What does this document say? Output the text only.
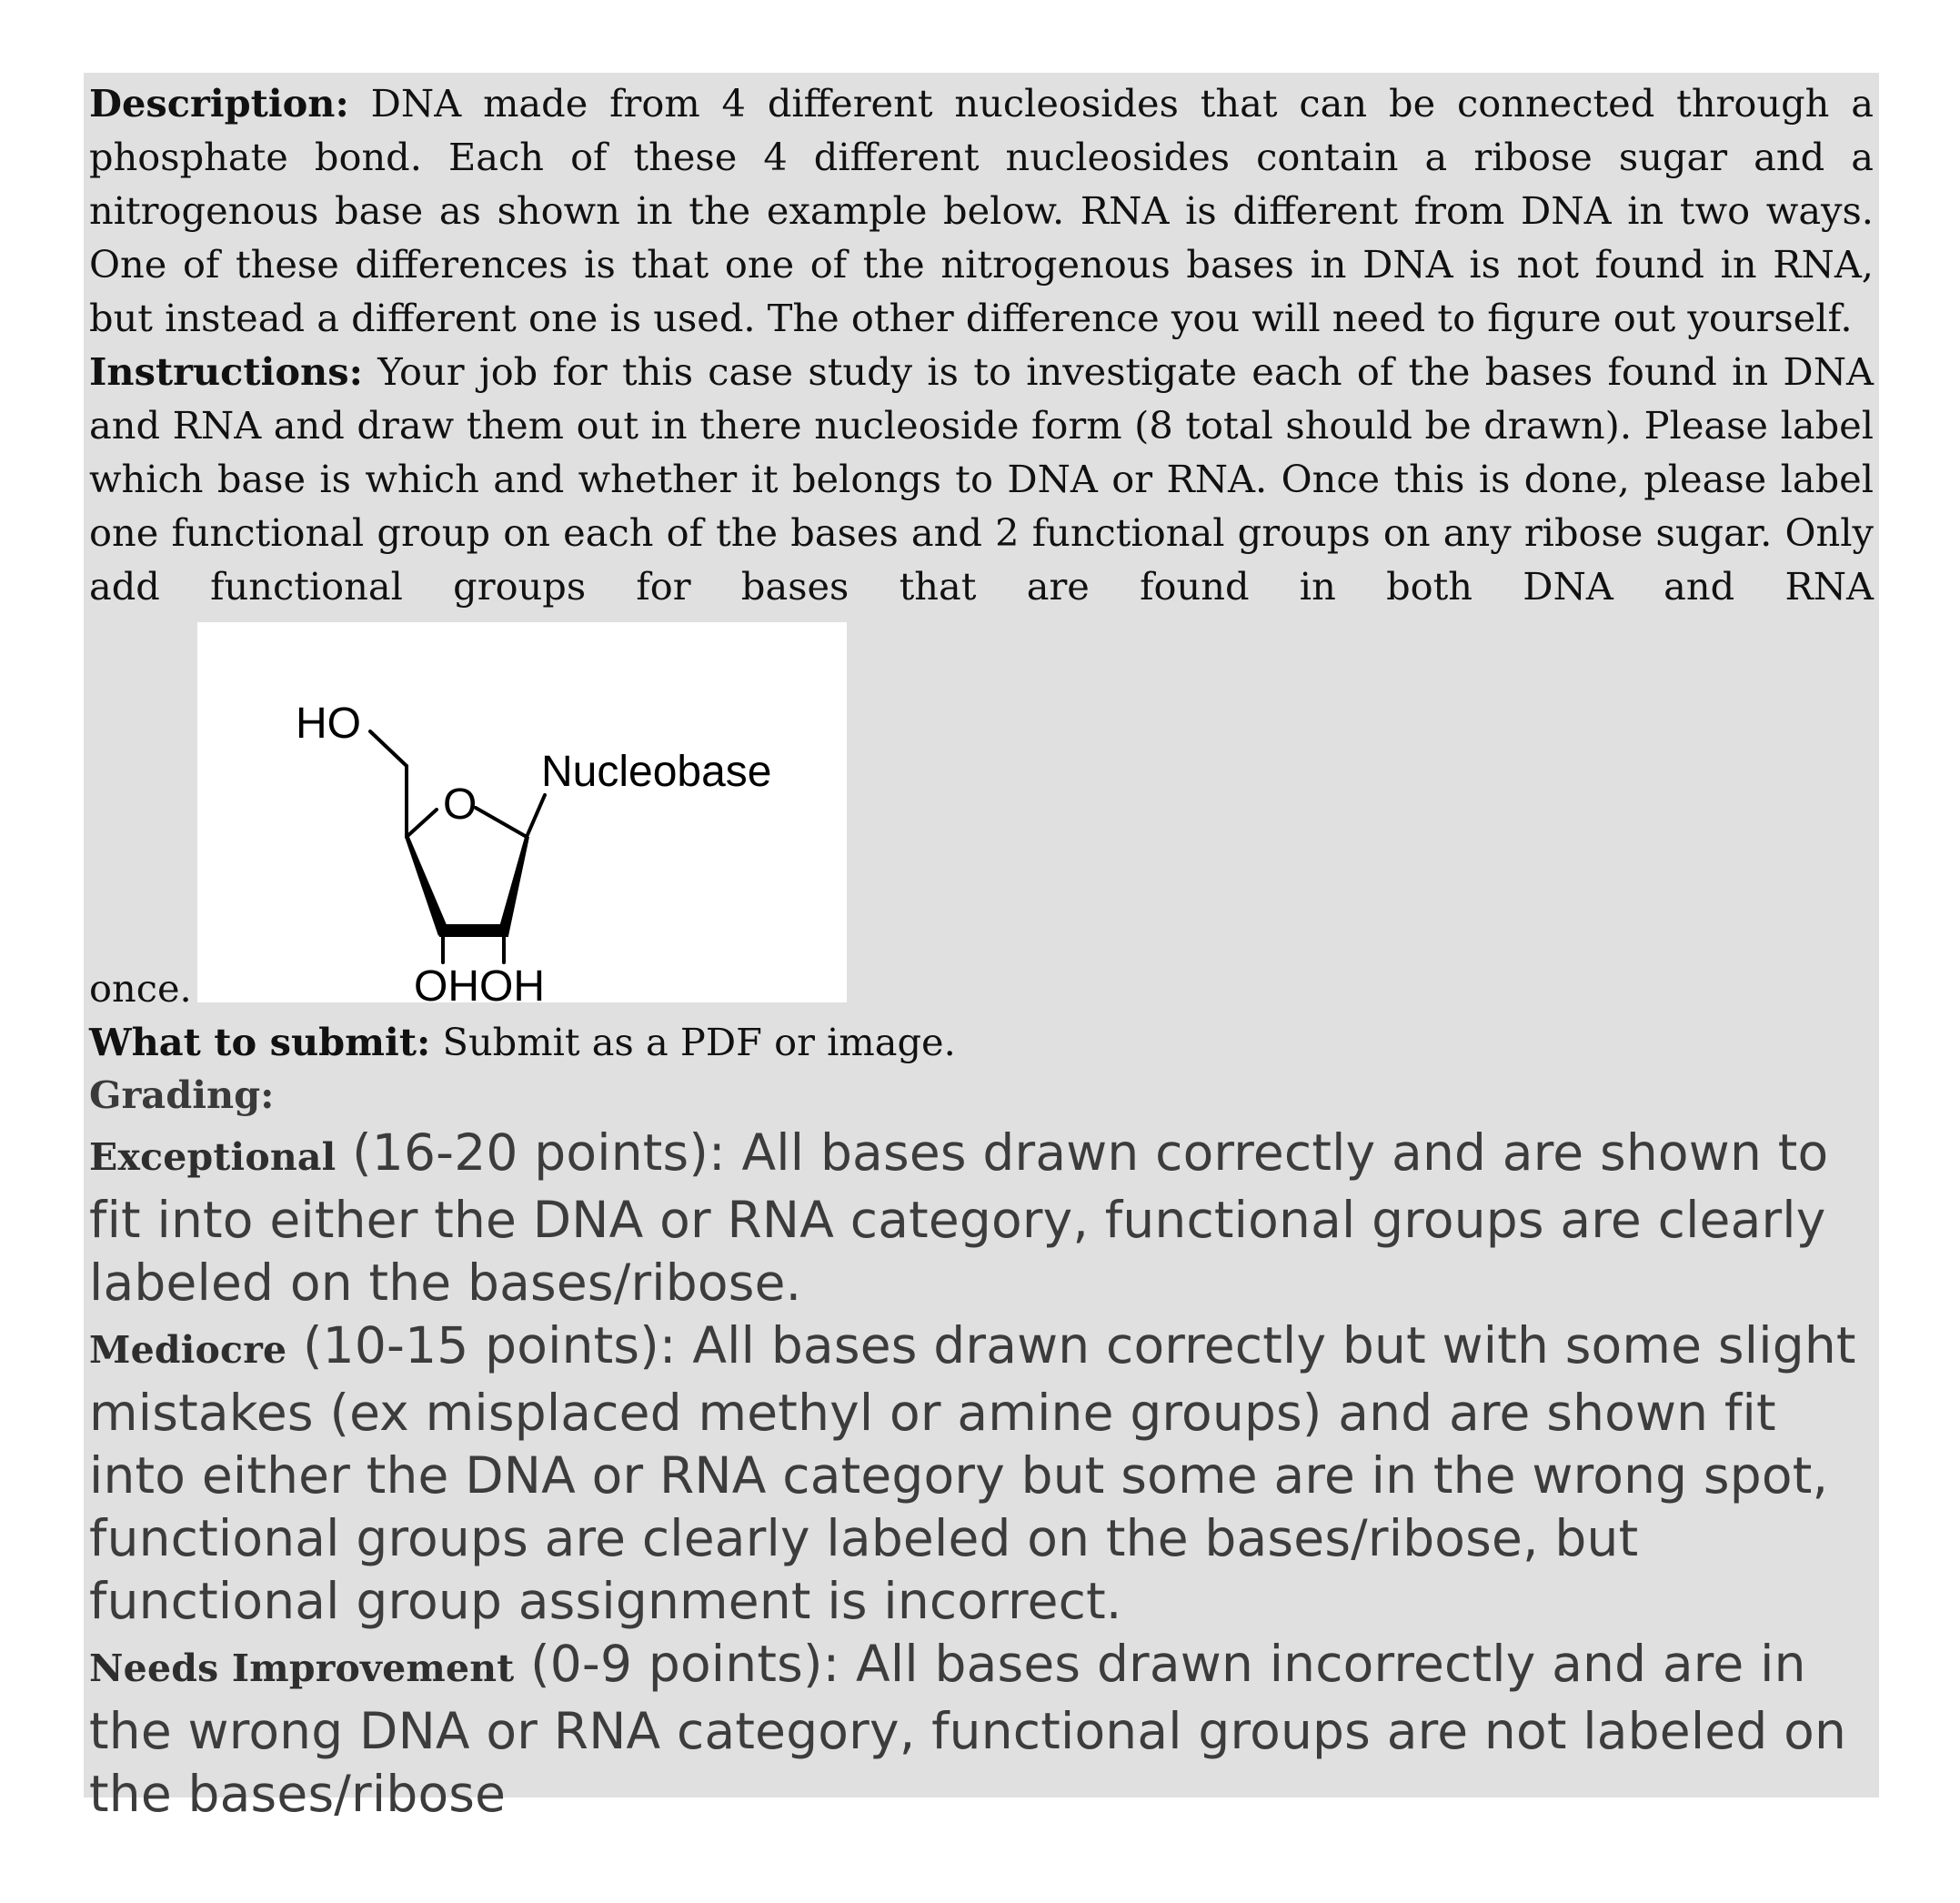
Description: DNA made from 4 different nucleosides that can be connected through a phosphate bond. Each of these 4 different nucleosides contain a ribose sugar and a nitrogenous base as shown in the example below. RNA is different from DNA in two ways. One of these differences is that one of the nitrogenous bases in DNA is not found in RNA, but instead a different one is used. The other difference you will need to figure out yourself.

Instructions: Your job for this case study is to investigate each of the bases found in DNA and RNA and draw them out in there nucleoside form (8 total should be drawn). Please label which base is which and whether it belongs to DNA or RNA. Once this is done, please label one functional group on each of the bases and 2 functional groups on any ribose sugar. Only add functional groups for bases that are found in both DNA and RNA

once.
HO
O
Nucleobase
OHOH

What to submit: Submit as a PDF or image.

Grading:

Exceptional (16-20 points): All bases drawn correctly and are shown to fit into either the DNA or RNA category, functional groups are clearly labeled on the bases/ribose.

Mediocre (10-15 points): All bases drawn correctly but with some slight mistakes (ex misplaced methyl or amine groups) and are shown fit into either the DNA or RNA category but some are in the wrong spot, functional groups are clearly labeled on the bases/ribose, but functional group assignment is incorrect.

Needs Improvement (0-9 points): All bases drawn incorrectly and are in the wrong DNA or RNA category, functional groups are not labeled on the bases/ribose
